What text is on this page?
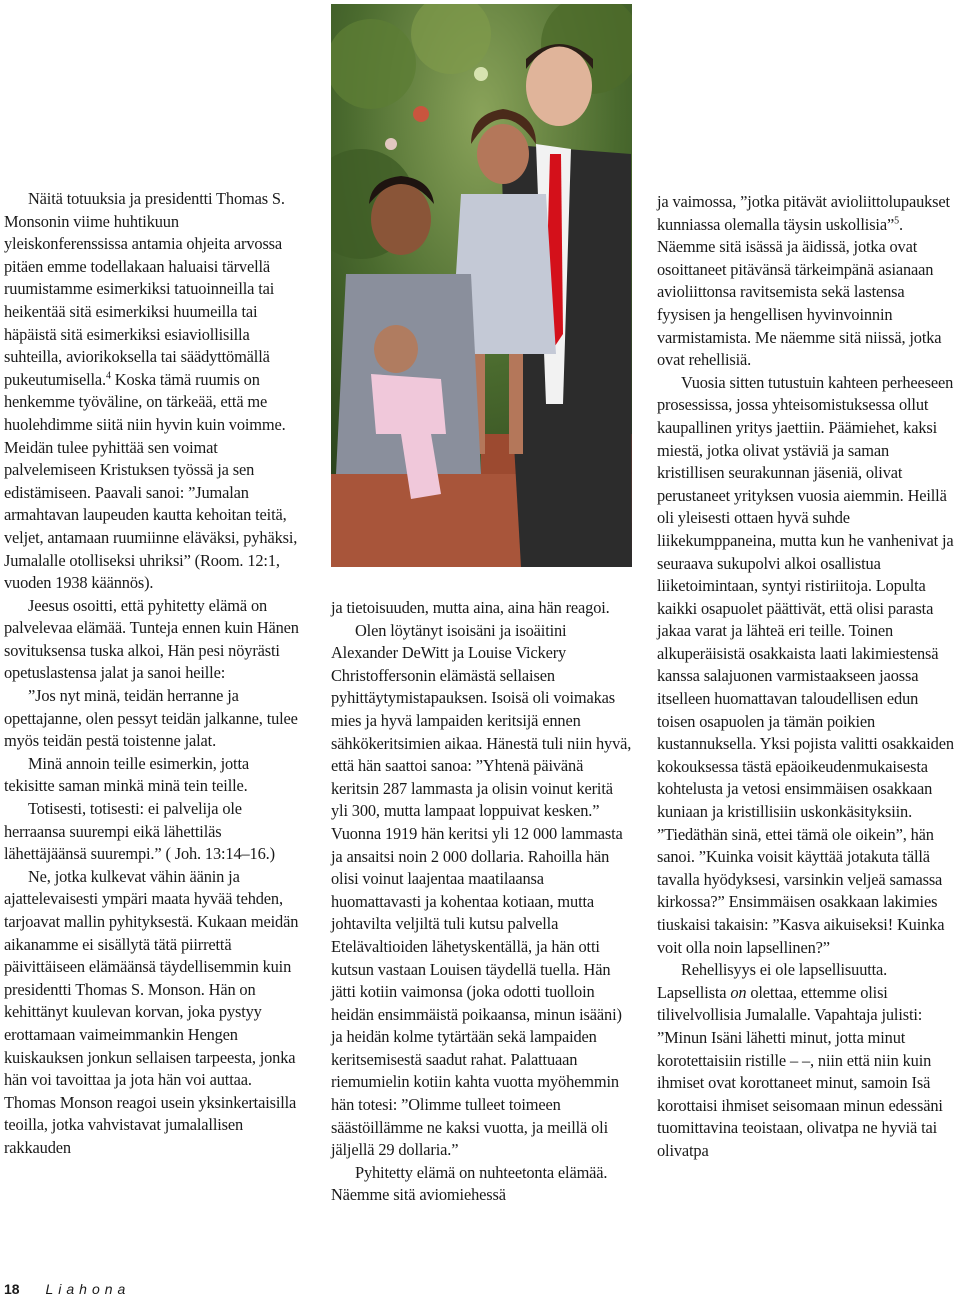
Näitä totuuksia ja presidentti Thomas S. Monsonin viime huhtikuun yleiskonferenssissa antamia ohjeita arvossa pitäen emme todellakaan haluaisi tärvellä ruumistamme esimerkiksi tatuoinneilla tai heikentää sitä esimerkiksi huumeilla tai häpäistä sitä esimerkiksi esiaviollisilla suhteilla, aviorikoksella tai säädyttömällä pukeutumisella.$^4$ Koska tämä ruumis on henkemme työväline, on tärkeää, että me huolehdimme siitä niin hyvin kuin voimme. Meidän tulee pyhittää sen voimat palvelemiseen Kristuksen työssä ja sen edistämiseen. Paavali sanoi: ”Jumalan armahtavan laupeuden kautta kehoitan teitä, veljet, antamaan ruumiinne eläväksi, pyhäksi, Jumalalle otolliseksi uhriksi” (Room. 12:1, vuoden 1938 käännös).

Jeesus osoitti, että pyhitetty elämä on palvelevaa elämää. Tunteja ennen kuin Hänen sovituksensa tuska alkoi, Hän pesi nöyrästi opetuslastensa jalat ja sanoi heille:

”Jos nyt minä, teidän herranne ja opettajanne, olen pessyt teidän jalkanne, tulee myös teidän pestä toistenne jalat.

Minä annoin teille esimerkin, jotta tekisitte saman minkä minä tein teille.

Totisesti, totisesti: ei palvelija ole herraansa suurempi eikä lähettiläs lähettäjäänsä suurempi.” ( Joh. 13:14–16.)

Ne, jotka kulkevat vähin äänin ja ajattelevaisesti ympäri maata hyvää tehden, tarjoavat mallin pyhityksestä. Kukaan meidän aikanamme ei sisällytä tätä piirrettä päivittäiseen elämäänsä täydellisemmin kuin presidentti Thomas S. Monson. Hän on kehittänyt kuulevan korvan, joka pystyy erottamaan vaimeimmankin Hengen kuiskauksen jonkun sellaisen tarpeesta, jonka hän voi tavoittaa ja jota hän voi auttaa. Thomas Monson reagoi usein yksinkertaisilla teoilla, jotka vahvistavat jumalallisen rakkauden

ja tietoisuuden, mutta aina, aina hän reagoi.

Olen löytänyt isoisäni ja isoäitini Alexander DeWitt ja Louise Vickery Christoffersonin elämästä sellaisen pyhittäytymistapauksen. Isoisä oli voimakas mies ja hyvä lampaiden keritsijä ennen sähkökeritsimien aikaa. Hänestä tuli niin hyvä, että hän saattoi sanoa: ”Yhtenä päivänä keritsin 287 lammasta ja olisin voinut keritä yli 300, mutta lampaat loppuivat kesken.” Vuonna 1919 hän keritsi yli 12 000 lammasta ja ansaitsi noin 2 000 dollaria. Rahoilla hän olisi voinut laajentaa maatilaansa huomattavasti ja kohentaa kotiaan, mutta johtavilta veljiltä tuli kutsu palvella Etelävaltioiden lähetyskentällä, ja hän otti kutsun vastaan Louisen täydellä tuella. Hän jätti kotiin vaimonsa (joka odotti tuolloin heidän ensimmäistä poikaansa, minun isääni) ja heidän kolme tytärtään sekä lampaiden keritsemisestä saadut rahat. Palattuaan riemumielin kotiin kahta vuotta myöhemmin hän totesi: ”Olimme tulleet toimeen säästöillämme ne kaksi vuotta, ja meillä oli jäljellä 29 dollaria.”

Pyhitetty elämä on nuhteetonta elämää. Näemme sitä aviomiehessä

ja vaimossa, ”jotka pitävät avioliittolupaukset kunniassa olemalla täysin uskollisia”$^5$. Näemme sitä isässä ja äidissä, jotka ovat osoittaneet pitävänsä tärkeimpänä asianaan avioliittonsa ravitsemista sekä lastensa fyysisen ja hengellisen hyvinvoinnin varmistamista. Me näemme sitä niissä, jotka ovat rehellisiä.

Vuosia sitten tutustuin kahteen perheeseen prosessissa, jossa yhteisomistuksessa ollut kaupallinen yritys jaettiin. Päämiehet, kaksi miestä, jotka olivat ystäviä ja saman kristillisen seurakunnan jäseniä, olivat perustaneet yrityksen vuosia aiemmin. Heillä oli yleisesti ottaen hyvä suhde liikekumppaneina, mutta kun he vanhenivat ja seuraava sukupolvi alkoi osallistua liiketoimintaan, syntyi ristiriitoja. Lopulta kaikki osapuolet päättivät, että olisi parasta jakaa varat ja lähteä eri teille. Toinen alkuperäisistä osakkaista laati lakimiestensä kanssa salajuonen varmistaakseen jaossa itselleen huomattavan taloudellisen edun toisen osapuolen ja tämän poikien kustannuksella. Yksi pojista valitti osakkaiden kokouksessa tästä epäoikeudenmukaisesta kohtelusta ja vetosi ensimmäisen osakkaan kuniaan ja kristillisiin uskonkäsityksiin. ”Tiedäthän sinä, ettei tämä ole oikein”, hän sanoi. ”Kuinka voisit käyttää jotakuta tällä tavalla hyödyksesi, varsinkin veljeä samassa kirkossa?” Ensimmäisen osakkaan lakimies tiuskaisi takaisin: ”Kasva aikuiseksi! Kuinka voit olla noin lapsellinen?”

Rehellisyys ei ole lapsellisuutta. Lapsellista on olettaa, ettemme olisi tilivelvollisia Jumalalle. Vapahtaja julisti: ”Minun Isäni lähetti minut, jotta minut korotettaisiin ristille – –, niin että niin kuin ihmiset ovat korottaneet minut, samoin Isä korottaisi ihmiset seisomaan minun edessäni tuomittavina teoistaan, olivatpa ne hyviä tai olivatpa

18 Liahona
